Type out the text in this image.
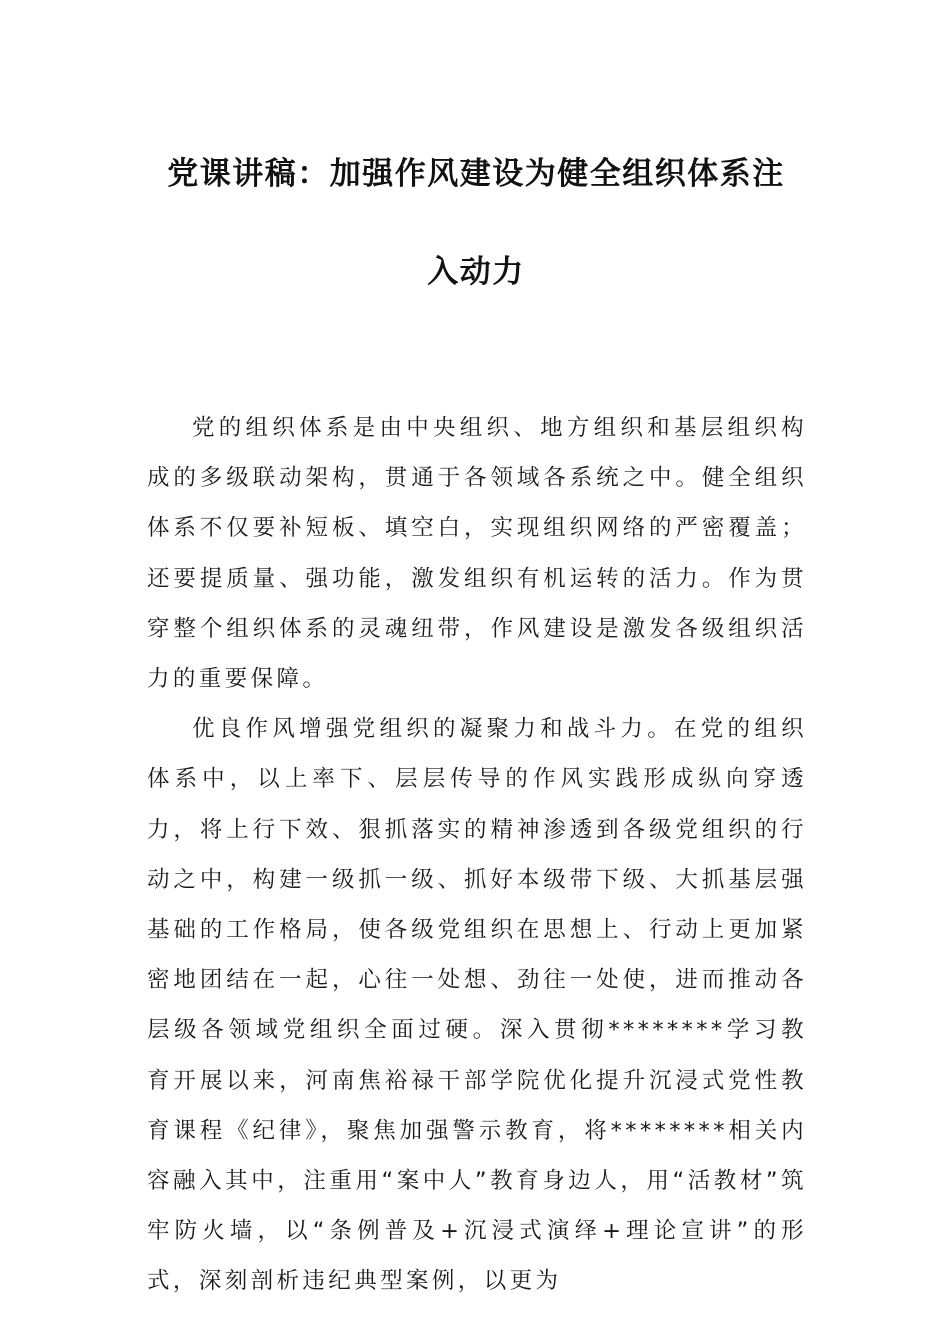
党课讲稿：加强作风建设为健全组织体系注
入动力

党的组织体系是由中央组织、地方组织和基层组织构成的多级联动架构，贯通于各领域各系统之中。健全组织体系不仅要补短板、填空白，实现组织网络的严密覆盖；还要提质量、强功能，激发组织有机运转的活力。作为贯穿整个组织体系的灵魂纽带，作风建设是激发各级组织活力的重要保障。

优良作风增强党组织的凝聚力和战斗力。在党的组织体系中，以上率下、层层传导的作风实践形成纵向穿透力，将上行下效、狠抓落实的精神渗透到各级党组织的行动之中，构建一级抓一级、抓好本级带下级、大抓基层强基础的工作格局，使各级党组织在思想上、行动上更加紧密地团结在一起，心往一处想、劲往一处使，进而推动各层级各领域党组织全面过硬。深入贯彻********学习教育开展以来，河南焦裕禄干部学院优化提升沉浸式党性教育课程《纪律》，聚焦加强警示教育，将********相关内容融入其中，注重用“案中人”教育身边人，用“活教材”筑牢防火墙，以“条例普及+沉浸式演绎+理论宣讲”的形式，深刻剖析违纪典型案例，以更为
